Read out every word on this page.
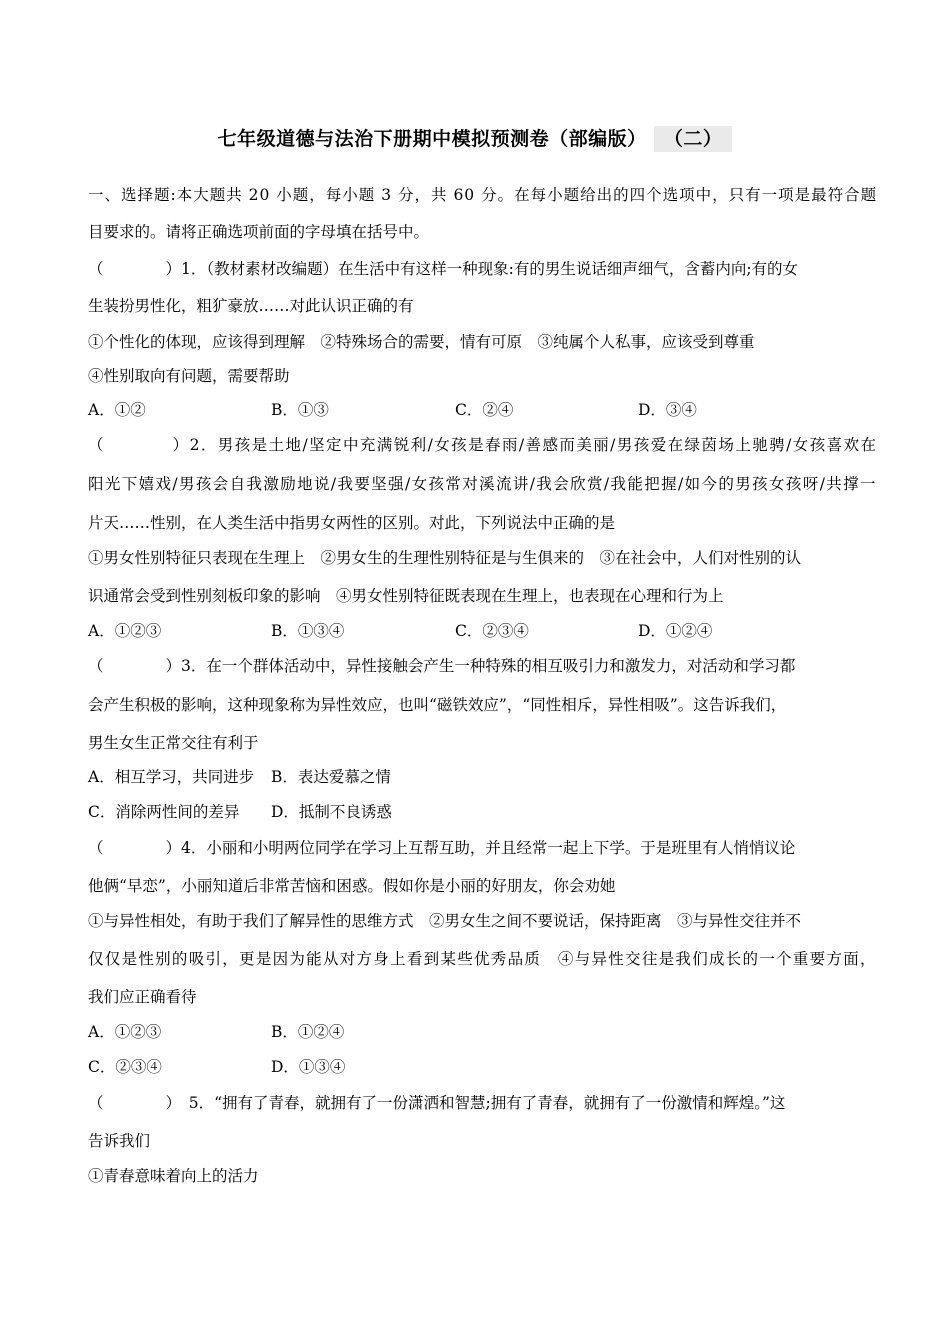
七年级道德与法治下册期中模拟预测卷（部编版） （二）
一、选择题:本大题共 20 小题，每小题 3 分，共 60 分。在每小题给出的四个选项中，只有一项是最符合题
目要求的。请将正确选项前面的字母填在括号中。
（　　　　）1．（教材素材改编题）在生活中有这样一种现象:有的男生说话细声细气，含蓄内向;有的女
生装扮男性化，粗犷豪放……对此认识正确的有
①个性化的体现，应该得到理解　②特殊场合的需要，情有可原　③纯属个人私事，应该受到尊重
④性别取向有问题，需要帮助
A．①②	B．①③	C．②④	D．③④
（　　　　）2．男孩是土地/坚定中充满锐利/女孩是春雨/善感而美丽/男孩爱在绿茵场上驰骋/女孩喜欢在
阳光下嬉戏/男孩会自我激励地说/我要坚强/女孩常对溪流讲/我会欣赏/我能把握/如今的男孩女孩呀/共撑一
片天……性别，在人类生活中指男女两性的区别。对此，下列说法中正确的是
①男女性别特征只表现在生理上　②男女生的生理性别特征是与生俱来的　③在社会中，人们对性别的认
识通常会受到性别刻板印象的影响　④男女性别特征既表现在生理上，也表现在心理和行为上
A．①②③	B．①③④	C．②③④	D．①②④
（　　　　）3．在一个群体活动中，异性接触会产生一种特殊的相互吸引力和激发力，对活动和学习都
会产生积极的影响，这种现象称为异性效应，也叫“磁铁效应”，“同性相斥，异性相吸”。这告诉我们，
男生女生正常交往有利于
A．相互学习，共同进步 B．表达爱慕之情
C．消除两性间的差异 D．抵制不良诱惑
（　　　　）4．小丽和小明两位同学在学习上互帮互助，并且经常一起上下学。于是班里有人悄悄议论
他俩“早恋”，小丽知道后非常苦恼和困惑。假如你是小丽的好朋友，你会劝她
①与异性相处，有助于我们了解异性的思维方式　②男女生之间不要说话，保持距离　③与异性交往并不
仅仅是性别的吸引，更是因为能从对方身上看到某些优秀品质　④与异性交往是我们成长的一个重要方面，
我们应正确看待
A．①②③	B．①②④
C．②③④	D．①③④
（　　　　）　5．“拥有了青春，就拥有了一份潇洒和智慧;拥有了青春，就拥有了一份激情和辉煌。”这
告诉我们
①青春意味着向上的活力
